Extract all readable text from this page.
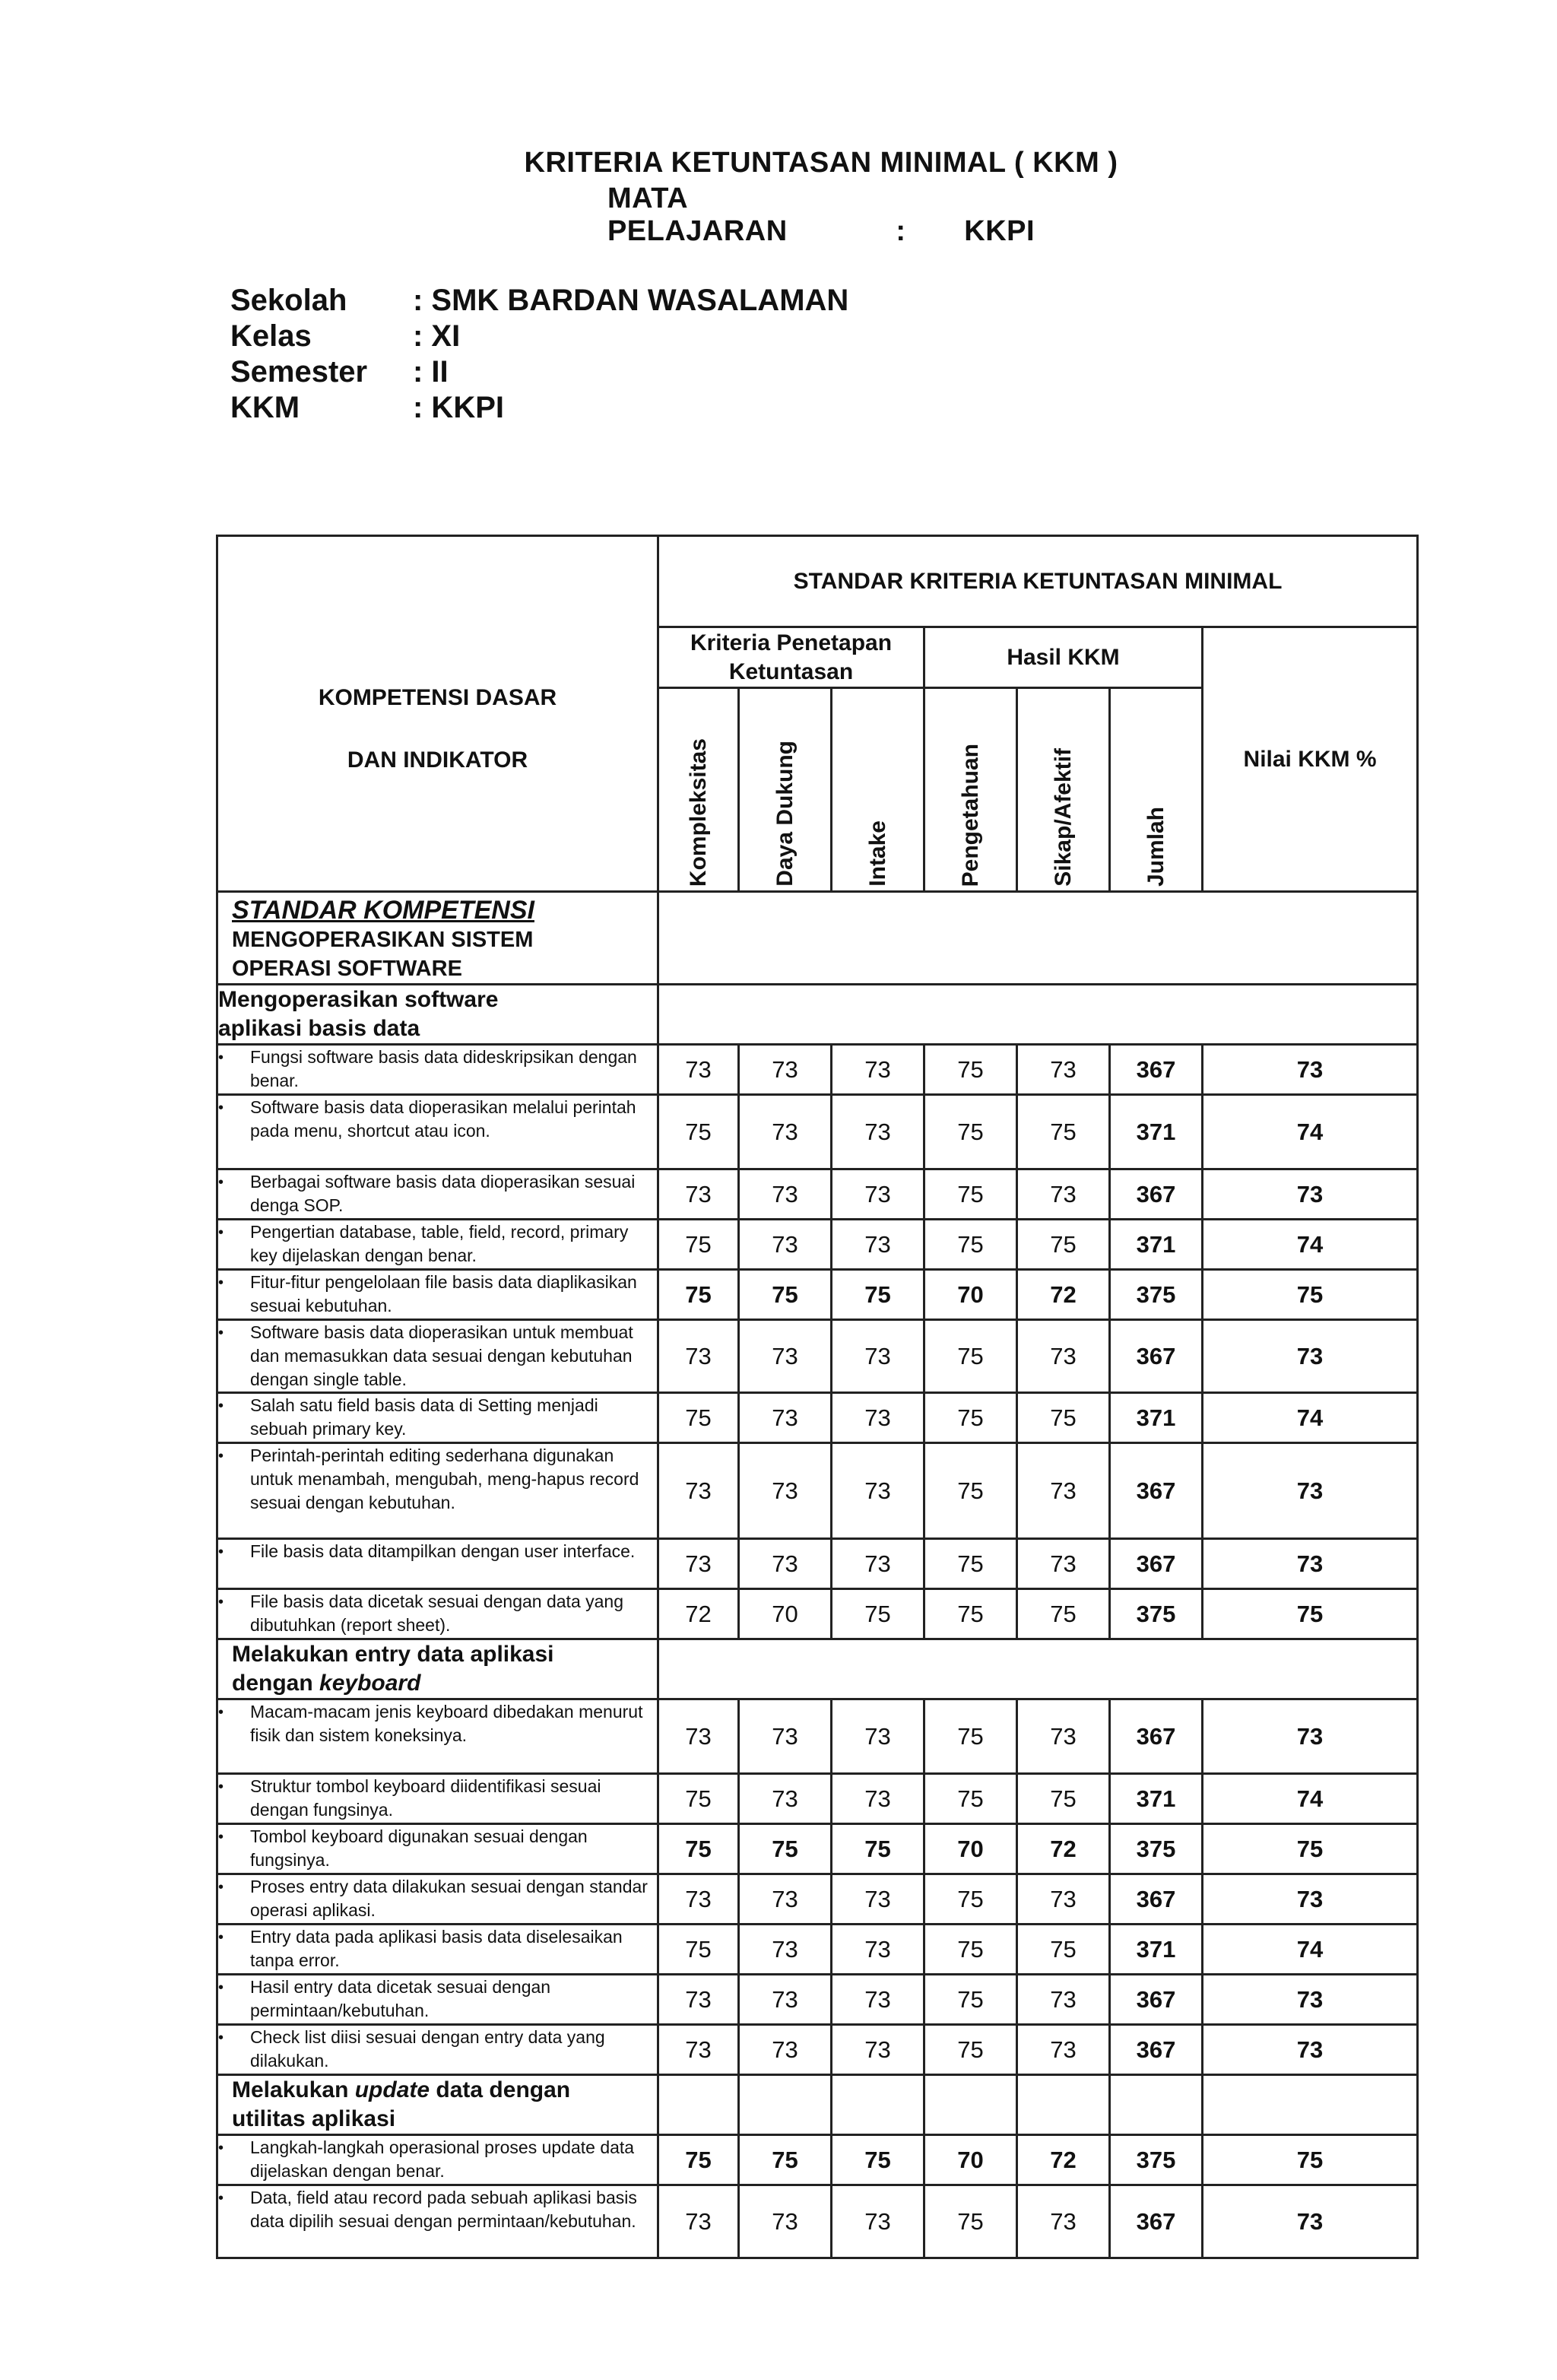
KRITERIA KETUNTASAN MINIMAL ( KKM )
MATA PELAJARAN	: KKPI
Sekolah	: SMK BARDAN WASALAMAN
Kelas	: XI
Semester	: II
KKM	: KKPI
KOMPETENSI DASAR
DAN INDIKATOR	STANDAR KRITERIA KETUNTASAN MINIMAL						

	Kriteria Penetapan
Ketuntasan			Hasil KKM			Nilai KKM %
	Kompleksitas	Daya Dukung	Intake	Pengetahuan	Sikap/Afektif	Jumlah	

STANDAR KOMPETENSI
MENGOPERASIKAN SISTEM
OPERASI SOFTWARE							

Mengoperasikan software
aplikasi basis data							

• Fungsi software basis data dideskripsikan dengan benar.	73	73	73	75	73	367	73

• Software basis data dioperasikan melalui perintah pada menu, shortcut atau icon.	75	73	73	75	75	371	74

• Berbagai software basis data dioperasikan sesuai denga SOP.	73	73	73	75	73	367	73

• Pengertian database, table, field, record, primary key dijelaskan dengan benar.	75	73	73	75	75	371	74

• Fitur-fitur pengelolaan file basis data diaplikasikan sesuai kebutuhan.	75	75	75	70	72	375	75

• Software basis data dioperasikan untuk membuat dan memasukkan data sesuai dengan kebutuhan dengan single table.	73	73	73	75	73	367	73

• Salah satu field basis data di Setting menjadi sebuah primary key.	75	73	73	75	75	371	74

• Perintah-perintah editing sederhana digunakan untuk menambah, mengubah, meng-hapus record sesuai dengan kebutuhan.	73	73	73	75	73	367	73

• File basis data ditampilkan dengan user interface.	73	73	73	75	73	367	73

• File basis data dicetak sesuai dengan data yang dibutuhkan (report sheet).	72	70	75	75	75	375	75

Melakukan entry data aplikasi
dengan keyboard							

• Macam-macam jenis keyboard dibedakan menurut fisik dan sistem koneksinya.	73	73	73	75	73	367	73

• Struktur tombol keyboard diidentifikasi sesuai dengan fungsinya.	75	73	73	75	75	371	74

• Tombol keyboard digunakan sesuai dengan fungsinya.	75	75	75	70	72	375	75

• Proses entry data dilakukan sesuai dengan standar operasi aplikasi.	73	73	73	75	73	367	73

• Entry data pada aplikasi basis data diselesaikan tanpa error.	75	73	73	75	75	371	74

• Hasil entry data dicetak sesuai dengan permintaan/kebutuhan.	73	73	73	75	73	367	73

• Check list diisi sesuai dengan entry data yang dilakukan.	73	73	73	75	73	367	73

Melakukan update data dengan
utilitas aplikasi							

• Langkah-langkah operasional proses update data dijelaskan dengan benar.	75	75	75	70	72	375	75

• Data, field atau record pada sebuah aplikasi basis data dipilih sesuai dengan permintaan/kebutuhan.	73	73	73	75	73	367	73
